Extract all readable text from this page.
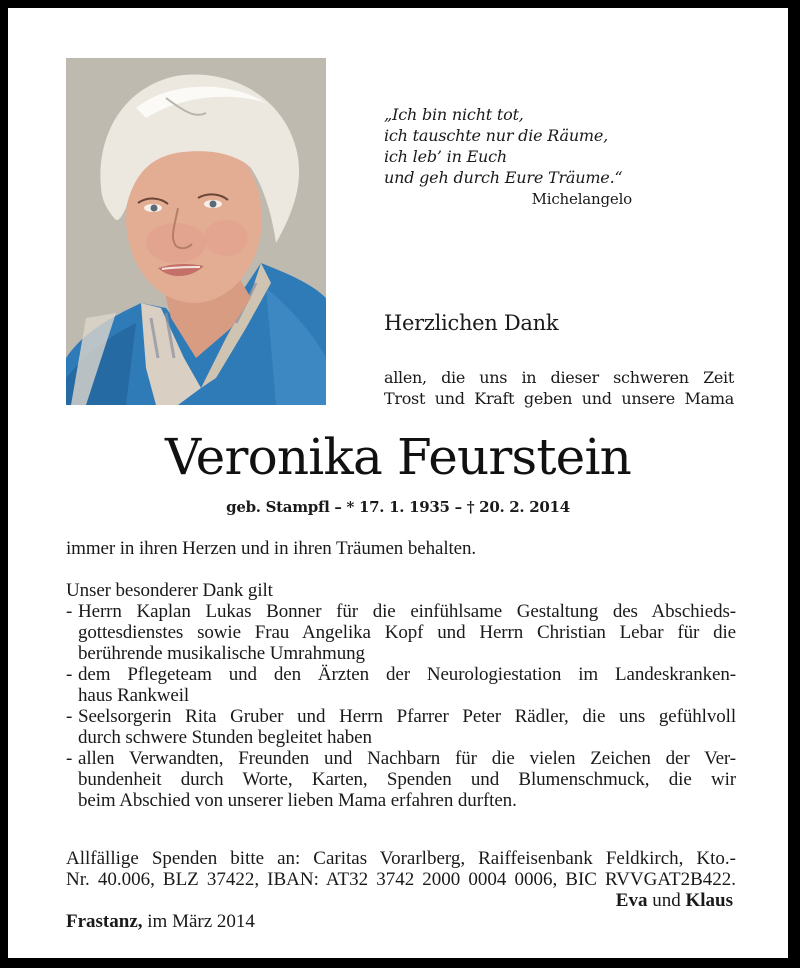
„Ich bin nicht tot,
ich tauschte nur die Räume,
ich leb’ in Euch
und geh durch Eure Träume.“
Michelangelo
Herzlichen Dank
allen, die uns in dieser schweren Zeit
Trost und Kraft geben und unsere Mama
Veronika Feurstein
geb. Stampfl – * 17. 1. 1935 – † 20. 2. 2014
immer in ihren Herzen und in ihren Träumen behalten.
Unser besonderer Dank gilt
- Herrn Kaplan Lukas Bonner für die einfühlsame Gestaltung des Abschieds-
gottesdienstes sowie Frau Angelika Kopf und Herrn Christian Lebar für die
berührende musikalische Umrahmung
- dem Pflegeteam und den Ärzten der Neurologiestation im Landeskranken-
haus Rankweil
- Seelsorgerin Rita Gruber und Herrn Pfarrer Peter Rädler, die uns gefühlvoll
durch schwere Stunden begleitet haben
- allen Verwandten, Freunden und Nachbarn für die vielen Zeichen der Ver-
bundenheit durch Worte, Karten, Spenden und Blumenschmuck, die wir
beim Abschied von unserer lieben Mama erfahren durften.
Allfällige Spenden bitte an: Caritas Vorarlberg, Raiffeisenbank Feldkirch, Kto.-
Nr. 40.006, BLZ 37422, IBAN: AT32 3742 2000 0004 0006, BIC RVVGAT2B422.
Eva und Klaus
Frastanz, im März 2014
